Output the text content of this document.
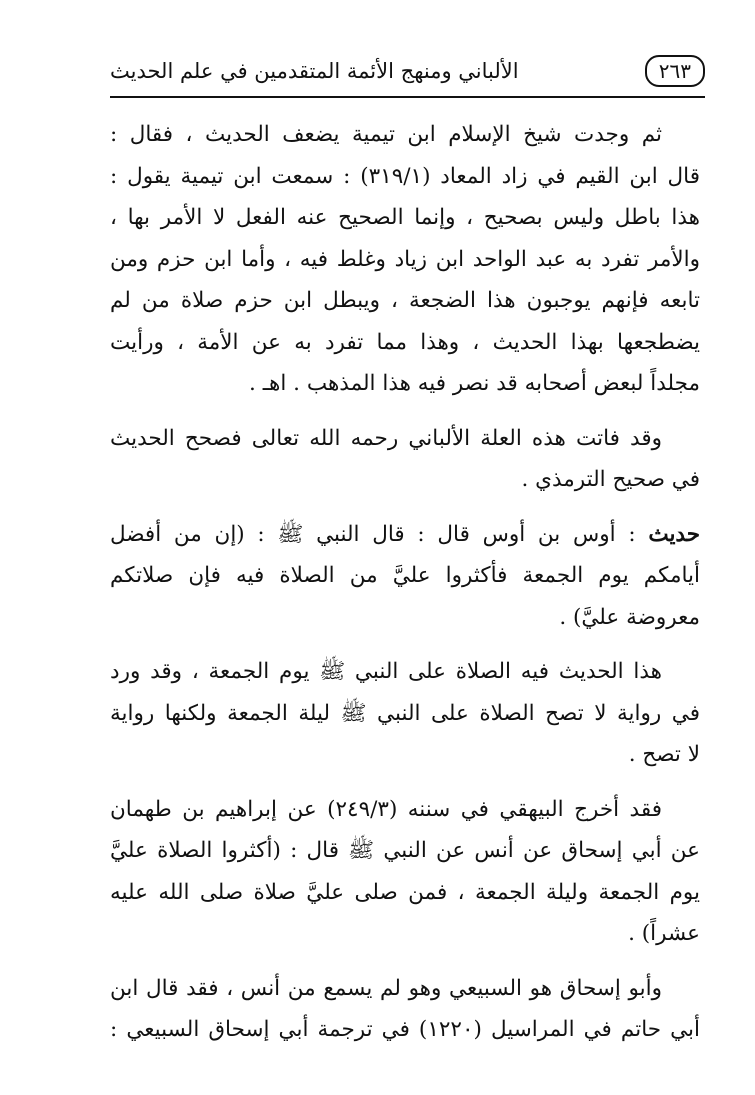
الألباني ومنهج الأئمة المتقدمين في علم الحديث	٢٦٣

ثم وجدت شيخ الإسلام ابن تيمية يضعف الحديث ، فقال :
قال ابن القيم في زاد المعاد (٣١٩/١) : سمعت ابن تيمية يقول :
هذا باطل وليس بصحيح ، وإنما الصحيح عنه الفعل لا الأمر بها ،
والأمر تفرد به عبد الواحد ابن زياد وغلط فيه ، وأما ابن حزم ومن
تابعه فإنهم يوجبون هذا الضجعة ، ويبطل ابن حزم صلاة من لم
يضطجعها بهذا الحديث ، وهذا مما تفرد به عن الأمة ، ورأيت
مجلداً لبعض أصحابه قد نصر فيه هذا المذهب . اهـ .

وقد فاتت هذه العلة الألباني رحمه الله تعالى فصحح الحديث
في صحيح الترمذي .

حديث : أوس بن أوس قال : قال النبي ﷺ : (إن من أفضل
أيامكم يوم الجمعة فأكثروا عليَّ من الصلاة فيه فإن صلاتكم
معروضة عليَّ) .

هذا الحديث فيه الصلاة على النبي ﷺ يوم الجمعة ، وقد ورد
في رواية لا تصح الصلاة على النبي ﷺ ليلة الجمعة ولكنها رواية
لا تصح .

فقد أخرج البيهقي في سننه (٢٤٩/٣) عن إبراهيم بن طهمان
عن أبي إسحاق عن أنس عن النبي ﷺ قال : (أكثروا الصلاة عليَّ
يوم الجمعة وليلة الجمعة ، فمن صلى عليَّ صلاة صلى الله عليه
عشراً) .

وأبو إسحاق هو السبيعي وهو لم يسمع من أنس ، فقد قال ابن
أبي حاتم في المراسيل (١٢٢٠) في ترجمة أبي إسحاق السبيعي :
